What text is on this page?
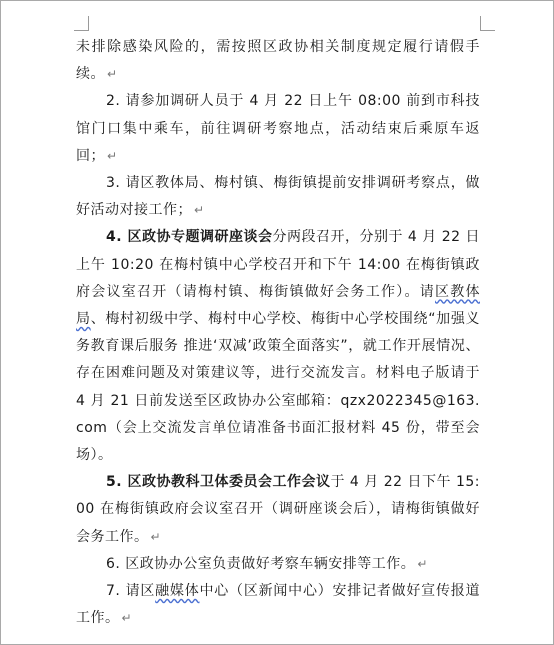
未排除感染风险的，需按照区政协相关制度规定履行请假手续。 ↵

2. 请参加调研人员于 4 月 22 日上午 08:00 前到市科技馆门口集中乘车，前往调研考察地点，活动结束后乘原车返回； ↵

3. 请区教体局、梅村镇、梅街镇提前安排调研考察点，做好活动对接工作； ↵

4. 区政协专题调研座谈会分两段召开，分别于 4 月 22 日上午 10:20 在梅村镇中心学校召开和下午 14:00 在梅街镇政府会议室召开（请梅村镇、梅街镇做好会务工作）。请区教体局、梅村初级中学、梅村中心学校、梅街中心学校围绕“加强义务教育课后服务 推进‘双减’政策全面落实”，就工作开展情况、存在困难问题及对策建议等，进行交流发言。材料电子版请于 4 月 21 日前发送至区政协办公室邮箱：qzx2022345@163.com（会上交流发言单位请准备书面汇报材料 45 份，带至会场）。

5. 区政协教科卫体委员会工作会议于 4 月 22 日下午 15:00 在梅街镇政府会议室召开（调研座谈会后），请梅街镇做好会务工作。 ↵

6. 区政协办公室负责做好考察车辆安排等工作。 ↵

7. 请区融媒体中心（区新闻中心）安排记者做好宣传报道工作。 ↵
